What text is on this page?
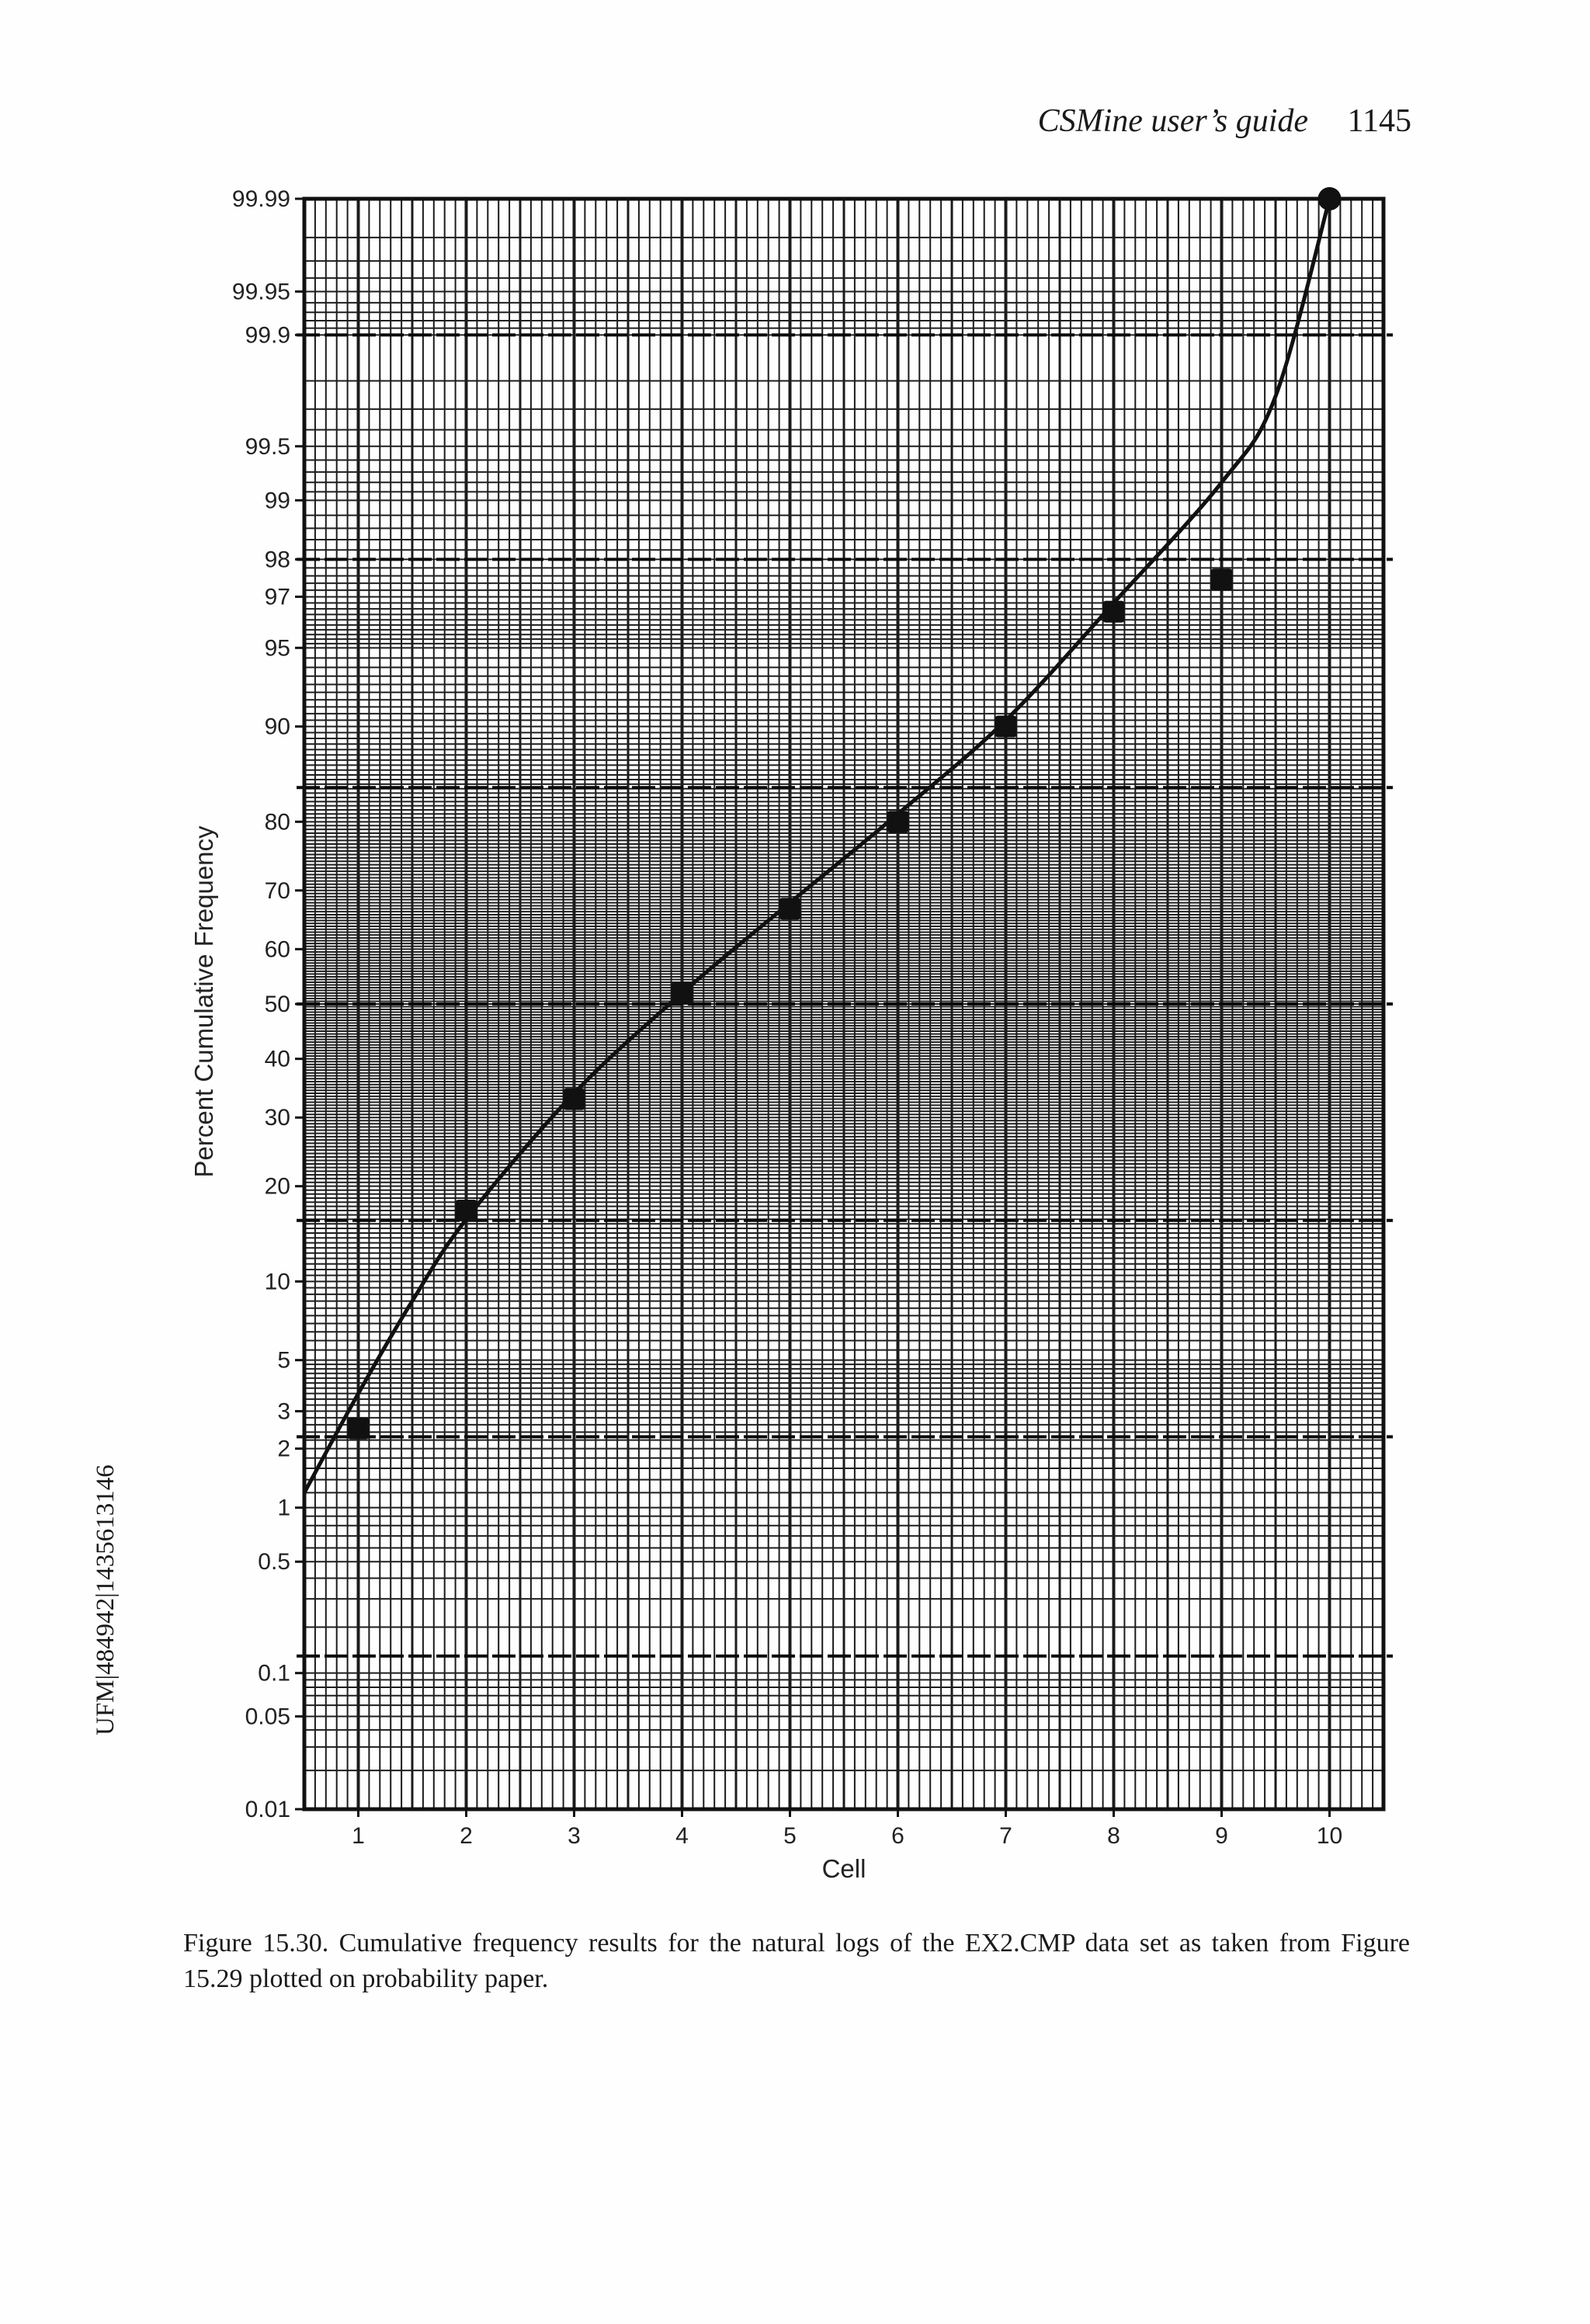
CSMine user’s guide 1145
UFM|484942|1435613146
0.01
0.05
0.1
0.5
1
2
3
5
10
20
30
40
50
60
70
80
90
95
97
98
99
99.5
99.9
99.95
99.99
1	2	3	4	5	6	7	8	9	10
Cell
Percent Cumulative Frequency
Figure 15.30. Cumulative frequency results for the natural logs of the EX2.CMP data set as taken from Figure 15.29 plotted on probability paper.
